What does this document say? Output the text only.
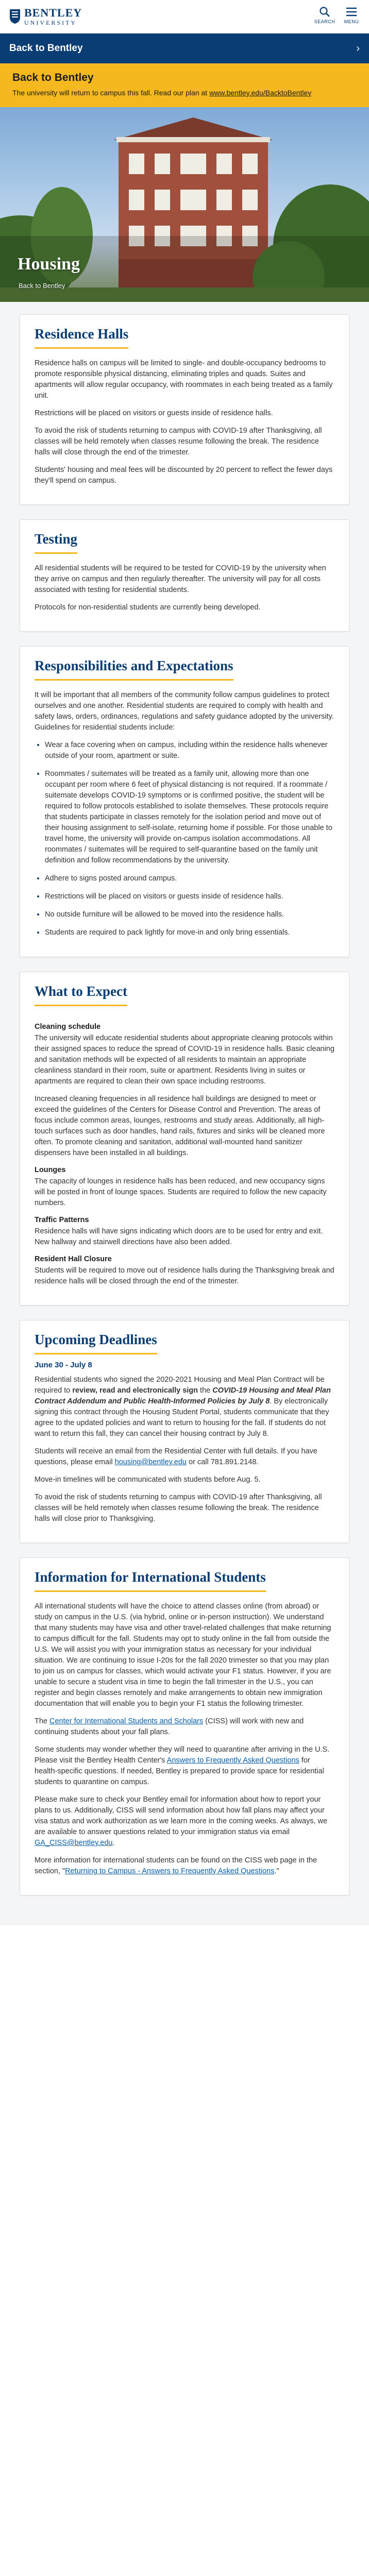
BENTLEY
UNIVERSITY	SEARCH	MENU
Back to Bentley	›
Back to Bentley

The university will return to campus this fall. Read our plan at www.bentley.edu/BacktoBentley

Housing
Back to Bentley
Residence Halls

Residence halls on campus will be limited to single- and double-occupancy bedrooms to promote responsible physical distancing, eliminating triples and quads. Suites and apartments will allow regular occupancy, with roommates in each being treated as a family unit.

Restrictions will be placed on visitors or guests inside of residence halls.

To avoid the risk of students returning to campus with COVID-19 after Thanksgiving, all classes will be held remotely when classes resume following the break. The residence halls will close through the end of the trimester.

Students' housing and meal fees will be discounted by 20 percent to reflect the fewer days they'll spend on campus.

Testing

All residential students will be required to be tested for COVID-19 by the university when they arrive on campus and then regularly thereafter. The university will pay for all costs associated with testing for residential students.

Protocols for non-residential students are currently being developed.

Responsibilities and Expectations

It will be important that all members of the community follow campus guidelines to protect ourselves and one another. Residential students are required to comply with health and safety laws, orders, ordinances, regulations and safety guidance adopted by the university. Guidelines for residential students include:

• Wear a face covering when on campus, including within the residence halls whenever outside of your room, apartment or suite.
• Roommates / suitemates will be treated as a family unit, allowing more than one occupant per room where 6 feet of physical distancing is not required. If a roommate / suitemate develops COVID-19 symptoms or is confirmed positive, the student will be required to follow protocols established to isolate themselves. These protocols require that students participate in classes remotely for the isolation period and move out of their housing assignment to self-isolate, returning home if possible. For those unable to travel home, the university will provide on-campus isolation accommodations. All roommates / suitemates will be required to self-quarantine based on the family unit definition and follow recommendations by the university.
• Adhere to signs posted around campus.
• Restrictions will be placed on visitors or guests inside of residence halls.
• No outside furniture will be allowed to be moved into the residence halls.
• Students are required to pack lightly for move-in and only bring essentials.
What to Expect
Cleaning schedule

The university will educate residential students about appropriate cleaning protocols within their assigned spaces to reduce the spread of COVID-19 in residence halls. Basic cleaning and sanitation methods will be expected of all residents to maintain an appropriate cleanliness standard in their room, suite or apartment. Residents living in suites or apartments are required to clean their own space including restrooms.

Increased cleaning frequencies in all residence hall buildings are designed to meet or exceed the guidelines of the Centers for Disease Control and Prevention. The areas of focus include common areas, lounges, restrooms and study areas. Additionally, all high-touch surfaces such as door handles, hand rails, fixtures and sinks will be cleaned more often. To promote cleaning and sanitation, additional wall-mounted hand sanitizer dispensers have been installed in all buildings.

Lounges

The capacity of lounges in residence halls has been reduced, and new occupancy signs will be posted in front of lounge spaces. Students are required to follow the new capacity numbers.

Traffic Patterns

Residence halls will have signs indicating which doors are to be used for entry and exit. New hallway and stairwell directions have also been added.

Resident Hall Closure

Students will be required to move out of residence halls during the Thanksgiving break and residence halls will be closed through the end of the trimester.

Upcoming Deadlines
June 30 - July 8

Residential students who signed the 2020-2021 Housing and Meal Plan Contract will be required to review, read and electronically sign the COVID-19 Housing and Meal Plan Contract Addendum and Public Health-Informed Policies by July 8. By electronically signing this contract through the Housing Student Portal, students communicate that they agree to the updated policies and want to return to housing for the fall. If students do not want to return this fall, they can cancel their housing contract by July 8.

Students will receive an email from the Residential Center with full details. If you have questions, please email housing@bentley.edu or call 781.891.2148.

Move-in timelines will be communicated with students before Aug. 5.

To avoid the risk of students returning to campus with COVID-19 after Thanksgiving, all classes will be held remotely when classes resume following the break. The residence halls will close prior to Thanksgiving.

Information for International Students

All international students will have the choice to attend classes online (from abroad) or study on campus in the U.S. (via hybrid, online or in-person instruction). We understand that many students may have visa and other travel-related challenges that make returning to campus difficult for the fall. Students may opt to study online in the fall from outside the U.S. We will assist you with your immigration status as necessary for your individual situation. We are continuing to issue I-20s for the fall 2020 trimester so that you may plan to join us on campus for classes, which would activate your F1 status. However, if you are unable to secure a student visa in time to begin the fall trimester in the U.S., you can register and begin classes remotely and make arrangements to obtain new immigration documentation that will enable you to begin your F1 status the following trimester.

The Center for International Students and Scholars (CISS) will work with new and continuing students about your fall plans.

Some students may wonder whether they will need to quarantine after arriving in the U.S. Please visit the Bentley Health Center's Answers to Frequently Asked Questions for health-specific questions. If needed, Bentley is prepared to provide space for residential students to quarantine on campus.

Please make sure to check your Bentley email for information about how to report your plans to us. Additionally, CISS will send information about how fall plans may affect your visa status and work authorization as we learn more in the coming weeks. As always, we are available to answer questions related to your immigration status via email GA_CISS@bentley.edu.

More information for international students can be found on the CISS web page in the section, "Returning to Campus - Answers to Frequently Asked Questions."
